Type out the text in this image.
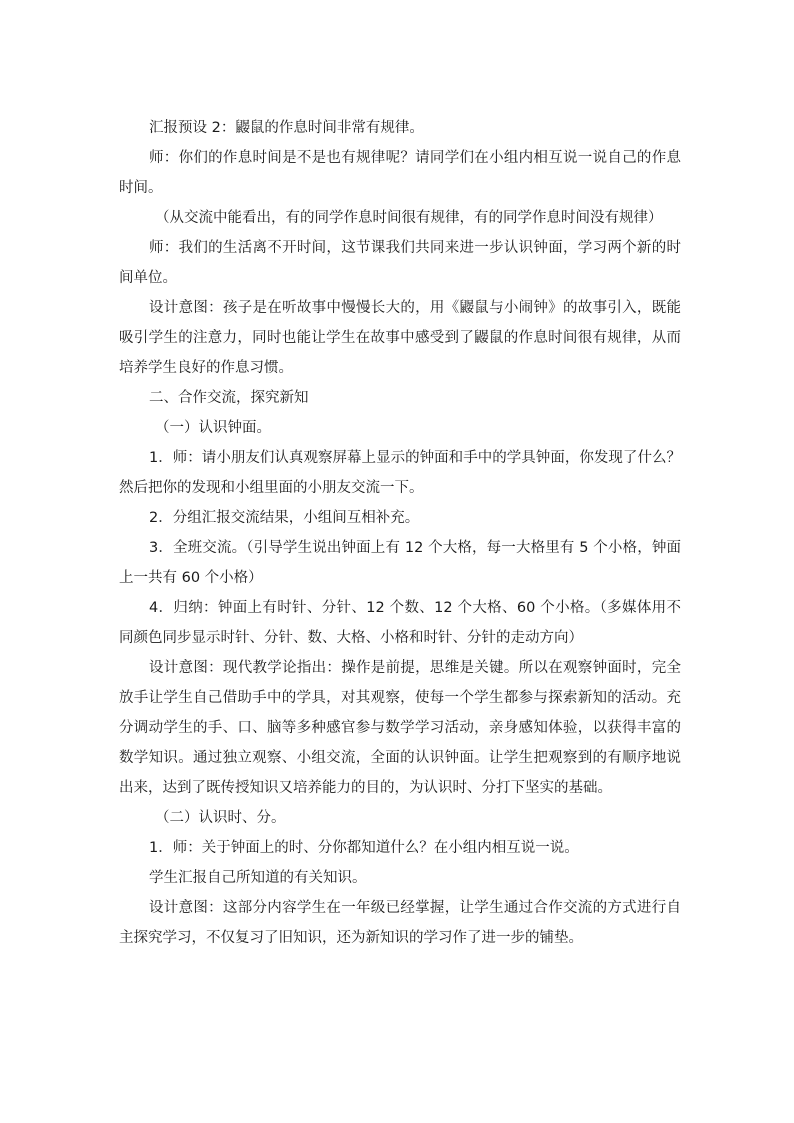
汇报预设 2：鼹鼠的作息时间非常有规律。

师：你们的作息时间是不是也有规律呢？请同学们在小组内相互说一说自己的作息时间。

（从交流中能看出，有的同学作息时间很有规律，有的同学作息时间没有规律）

师：我们的生活离不开时间，这节课我们共同来进一步认识钟面，学习两个新的时间单位。

设计意图：孩子是在听故事中慢慢长大的，用《鼹鼠与小闹钟》的故事引入，既能吸引学生的注意力，同时也能让学生在故事中感受到了鼹鼠的作息时间很有规律，从而培养学生良好的作息习惯。

二、合作交流，探究新知

（一）认识钟面。

1．师：请小朋友们认真观察屏幕上显示的钟面和手中的学具钟面，你发现了什么？然后把你的发现和小组里面的小朋友交流一下。

2．分组汇报交流结果，小组间互相补充。

3．全班交流。（引导学生说出钟面上有 12 个大格，每一大格里有 5 个小格，钟面上一共有 60 个小格）

4．归纳：钟面上有时针、分针、12 个数、12 个大格、60 个小格。（多媒体用不同颜色同步显示时针、分针、数、大格、小格和时针、分针的走动方向）

设计意图：现代教学论指出：操作是前提，思维是关键。所以在观察钟面时，完全放手让学生自己借助手中的学具，对其观察，使每一个学生都参与探索新知的活动。充分调动学生的手、口、脑等多种感官参与数学学习活动，亲身感知体验，以获得丰富的数学知识。通过独立观察、小组交流，全面的认识钟面。让学生把观察到的有顺序地说出来，达到了既传授知识又培养能力的目的，为认识时、分打下坚实的基础。

（二）认识时、分。

1．师：关于钟面上的时、分你都知道什么？在小组内相互说一说。

学生汇报自己所知道的有关知识。

设计意图：这部分内容学生在一年级已经掌握，让学生通过合作交流的方式进行自主探究学习，不仅复习了旧知识，还为新知识的学习作了进一步的铺垫。
